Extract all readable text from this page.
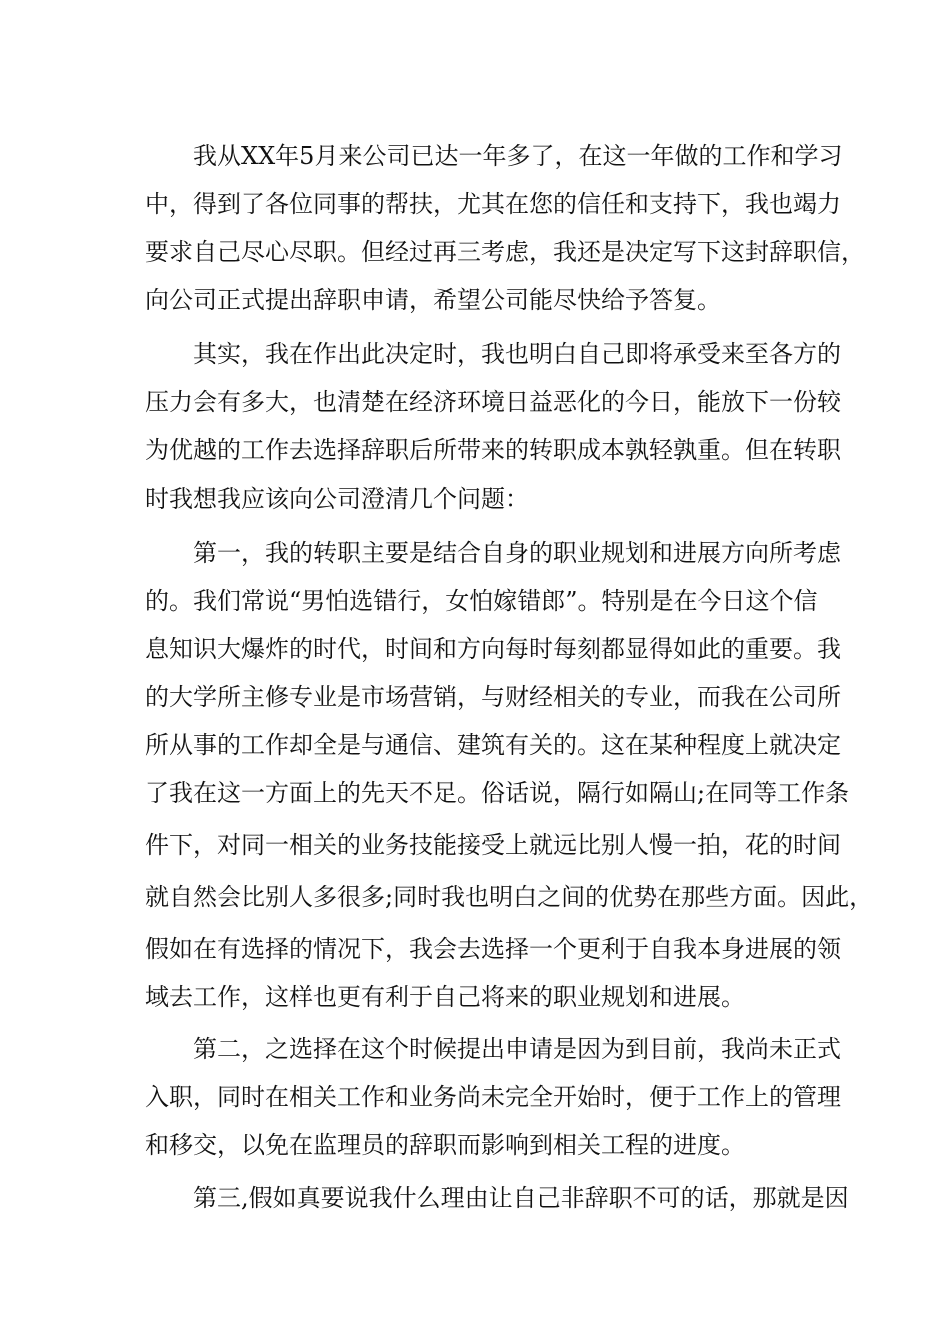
我从XX年5月来公司已达一年多了，在这一年做的工作和学习
中，得到了各位同事的帮扶，尤其在您的信任和支持下，我也竭力
要求自己尽心尽职。但经过再三考虑，我还是决定写下这封辞职信，
向公司正式提出辞职申请，希望公司能尽快给予答复。
其实，我在作出此决定时，我也明白自己即将承受来至各方的
压力会有多大，也清楚在经济环境日益恶化的今日，能放下一份较
为优越的工作去选择辞职后所带来的转职成本孰轻孰重。但在转职
时我想我应该向公司澄清几个问题：
第一，我的转职主要是结合自身的职业规划和进展方向所考虑
的。我们常说“男怕选错行，女怕嫁错郎”。特别是在今日这个信
息知识大爆炸的时代，时间和方向每时每刻都显得如此的重要。我
的大学所主修专业是市场营销，与财经相关的专业，而我在公司所
所从事的工作却全是与通信、建筑有关的。这在某种程度上就决定
了我在这一方面上的先天不足。俗话说，隔行如隔山;在同等工作条
件下，对同一相关的业务技能接受上就远比别人慢一拍，花的时间
就自然会比别人多很多;同时我也明白之间的优势在那些方面。因此，
假如在有选择的情况下，我会去选择一个更利于自我本身进展的领
域去工作，这样也更有利于自己将来的职业规划和进展。
第二，之选择在这个时候提出申请是因为到目前，我尚未正式
入职，同时在相关工作和业务尚未完全开始时，便于工作上的管理
和移交，以免在监理员的辞职而影响到相关工程的进度。
第三,假如真要说我什么理由让自己非辞职不可的话，那就是因
